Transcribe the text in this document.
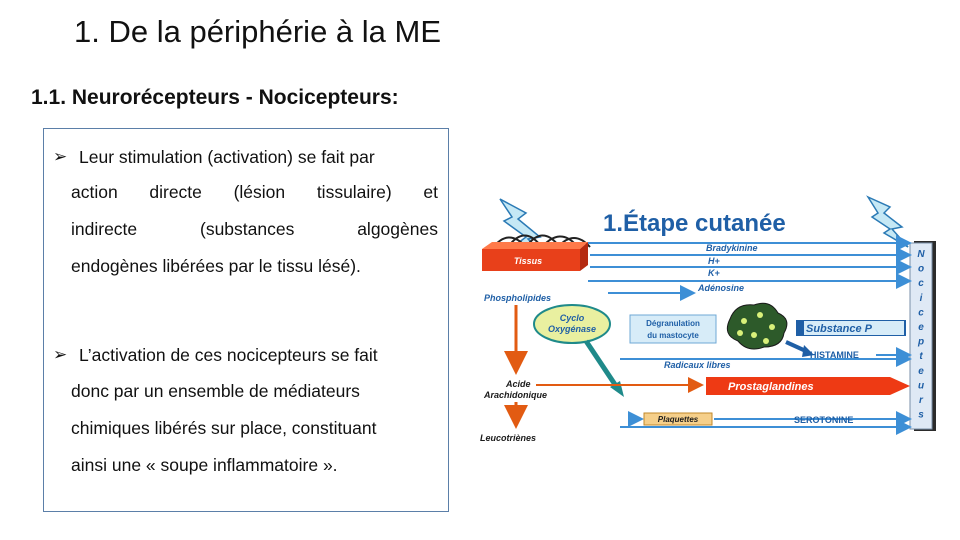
1. De la périphérie à la ME
1.1. Neurorécepteurs - Nocicepteurs:
➢ Leur stimulation (activation) se fait par
action directe (lésion tissulaire) et
indirecte	(substances	algogènes
endogènes libérées par le tissu lésé).
➢ L’activation de ces nocicepteurs se fait
donc par un ensemble de médiateurs
chimiques libérés sur place, constituant
ainsi une « soupe inflammatoire ».
Tissus
1.Étape cutanée
N
o
c
i
c
e
p
t
e
u
r
s
Phospholipides
Acide
Arachidonique
Leucotriènes
Cyclo
Oxygénase
Bradykinine
H+
K+
Adénosine
Dégranulation
du mastocyte
Substance P
HISTAMINE
Radicaux libres
Prostaglandines
Plaquettes	SEROTONINE
